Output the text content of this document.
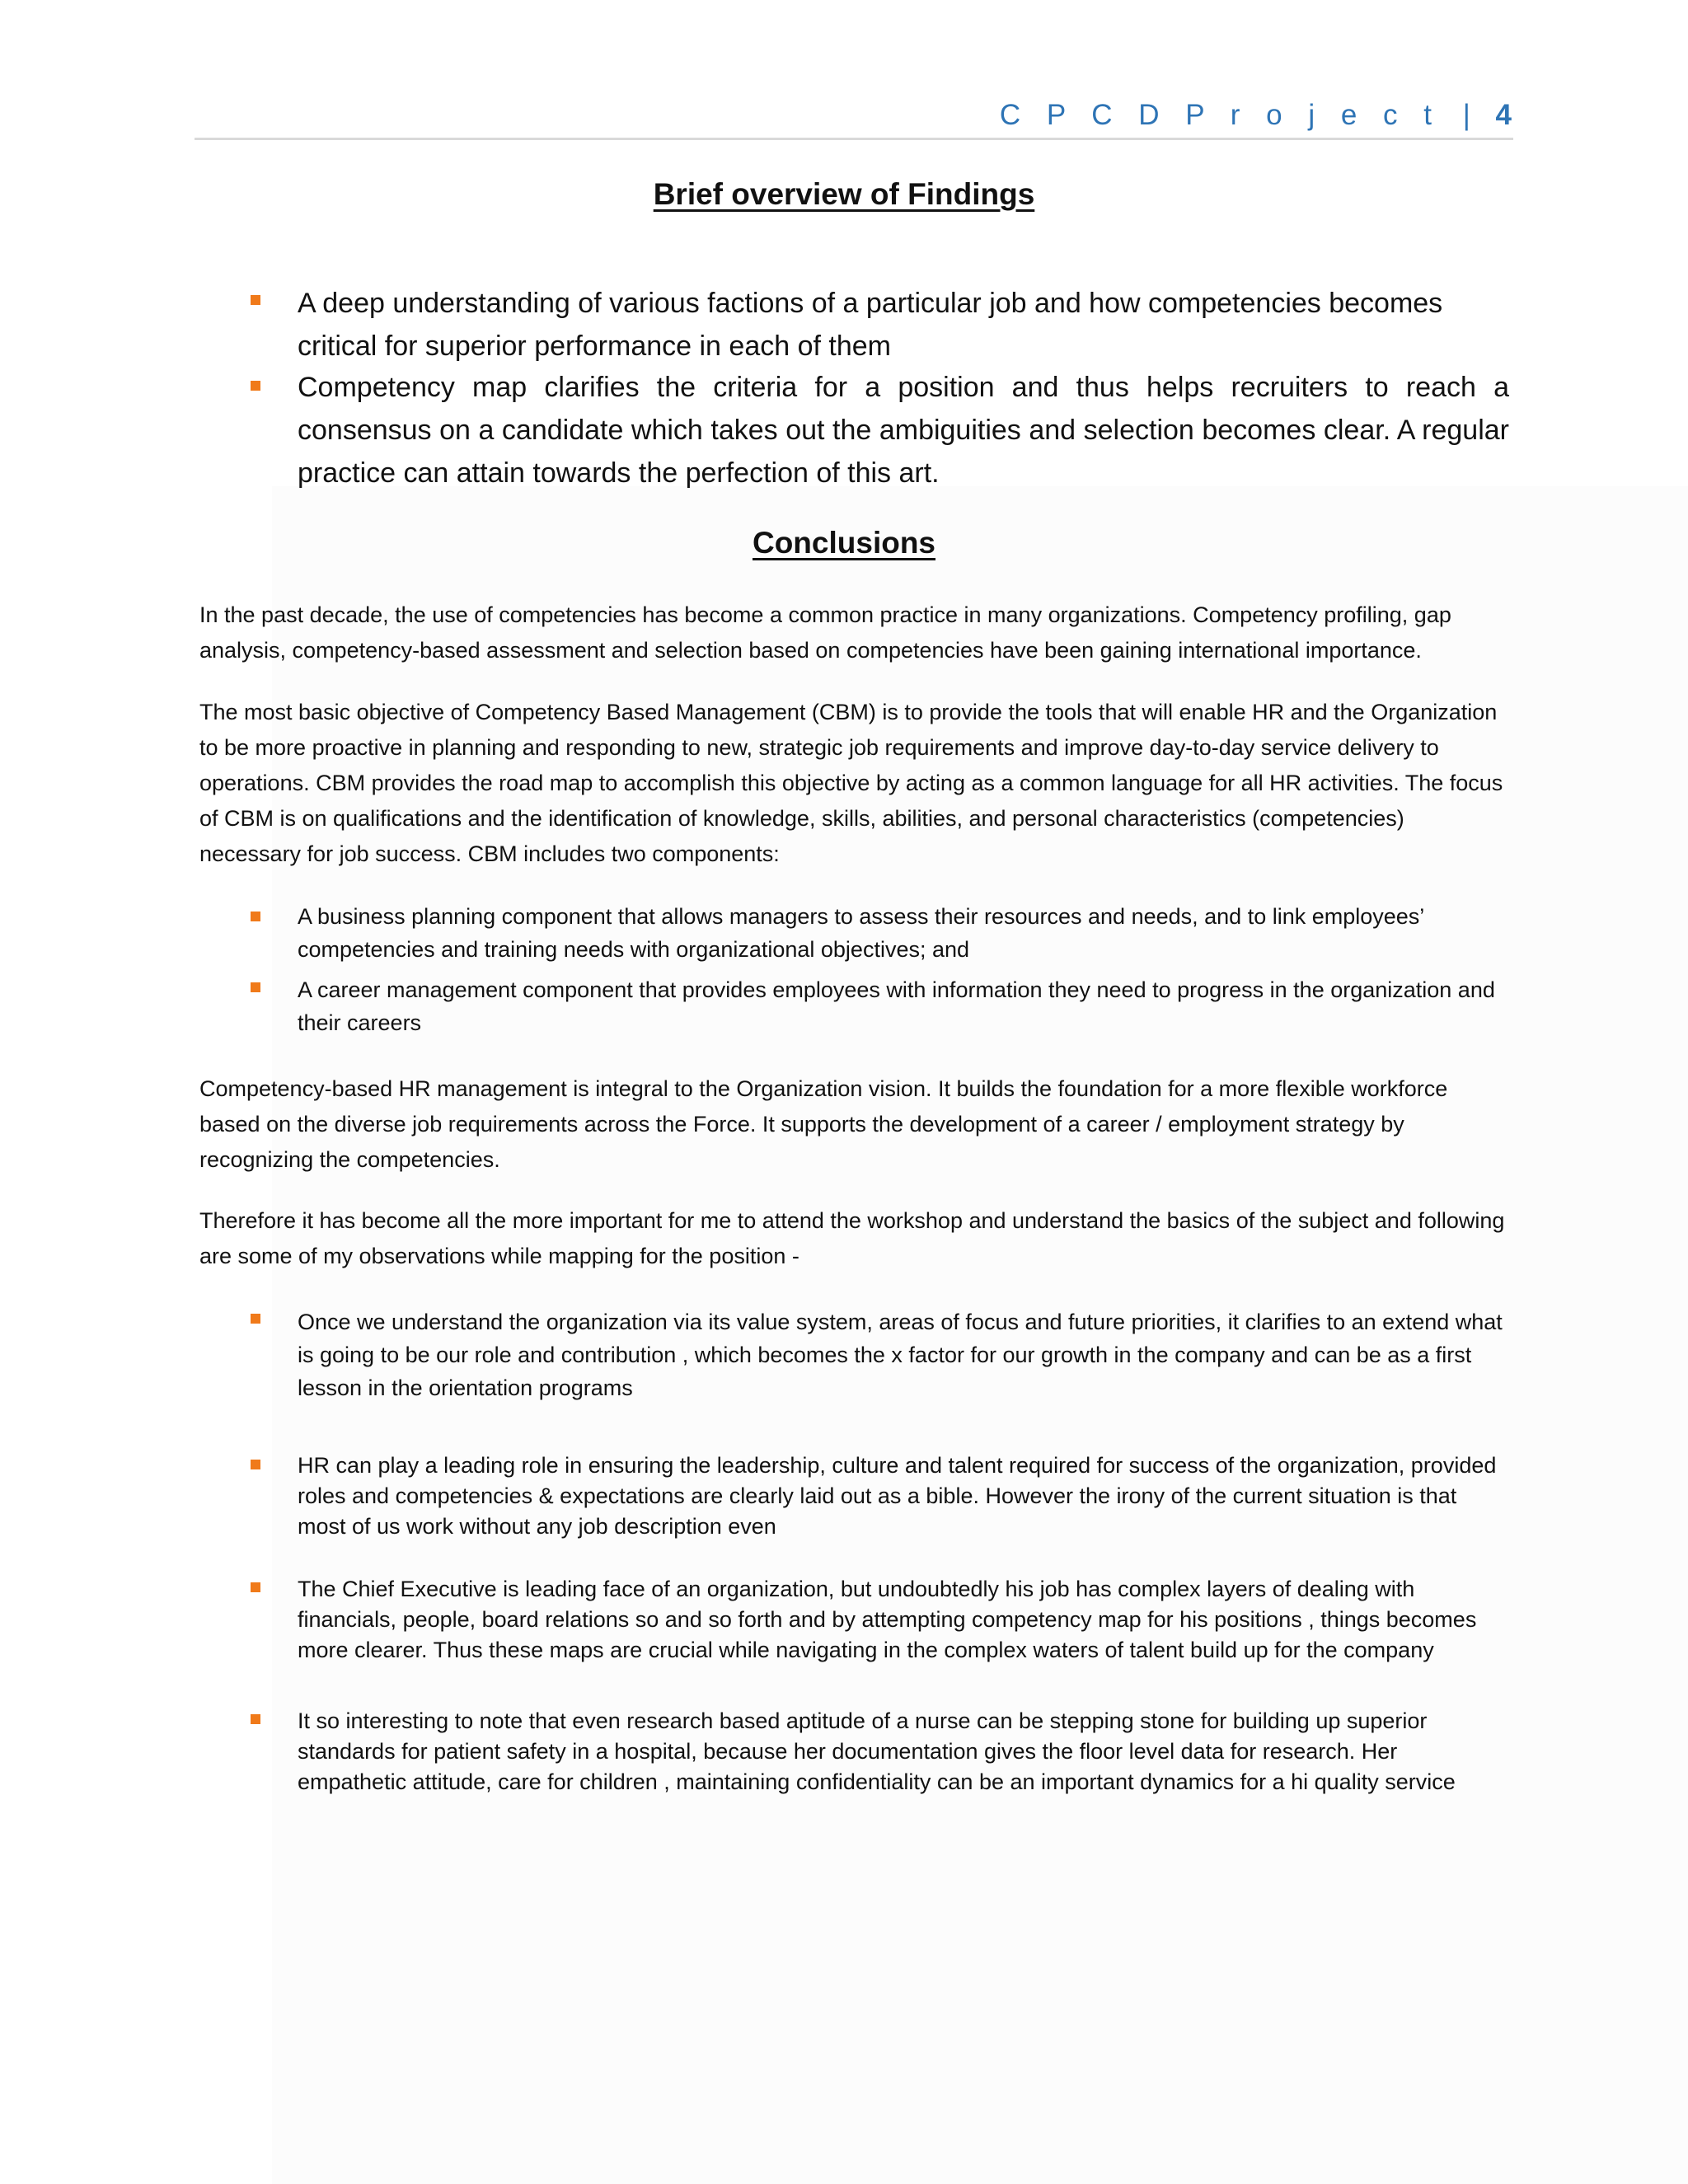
C P C D P r o j e c t | 4
Brief overview of Findings
A deep understanding of various factions of a particular job and how competencies becomes critical for superior performance in each of them
Competency map clarifies the criteria for a position and thus helps recruiters to reach a consensus on a candidate which takes out the ambiguities and selection becomes clear. A regular practice can attain towards the perfection of this art.
Conclusions
In the past decade, the use of competencies has become a common practice in many organizations. Competency profiling, gap analysis, competency-based assessment and selection based on competencies have been gaining international importance.
The most basic objective of Competency Based Management (CBM) is to provide the tools that will enable HR and the Organization to be more proactive in planning and responding to new, strategic job requirements and improve day-to-day service delivery to operations. CBM provides the road map to accomplish this objective by acting as a common language for all HR activities. The focus of CBM is on qualifications and the identification of knowledge, skills, abilities, and personal characteristics (competencies) necessary for job success. CBM includes two components:
A business planning component that allows managers to assess their resources and needs, and to link employees’ competencies and training needs with organizational objectives; and
A career management component that provides employees with information they need to progress in the organization and their careers
Competency-based HR management is integral to the Organization vision. It builds the foundation for a more flexible workforce based on the diverse job requirements across the Force. It supports the development of a career / employment strategy by recognizing the competencies.
Therefore it has become all the more important for me to attend the workshop and understand the basics of the subject and following are some of my observations while mapping for the position -
Once we understand the organization via its value system, areas of focus and future priorities, it clarifies to an extend what is going to be our role and contribution , which becomes the x factor for our growth in the company and can be as a first lesson in the orientation programs
HR can play a leading role in ensuring the leadership, culture and talent required for success of the organization, provided roles and competencies & expectations are clearly laid out as a bible. However the irony of the current situation is that most of us work without any job description even
The Chief Executive is leading face of an organization, but undoubtedly his job has complex layers of dealing with financials, people, board relations so and so forth and by attempting competency map for his positions , things becomes more clearer. Thus these maps are crucial while navigating in the complex waters of talent build up for the company
It so interesting to note that even research based aptitude of a nurse can be stepping stone for building up superior standards for patient safety in a hospital, because her documentation gives the floor level data for research. Her empathetic attitude, care for children , maintaining confidentiality can be an important dynamics for a hi quality service
